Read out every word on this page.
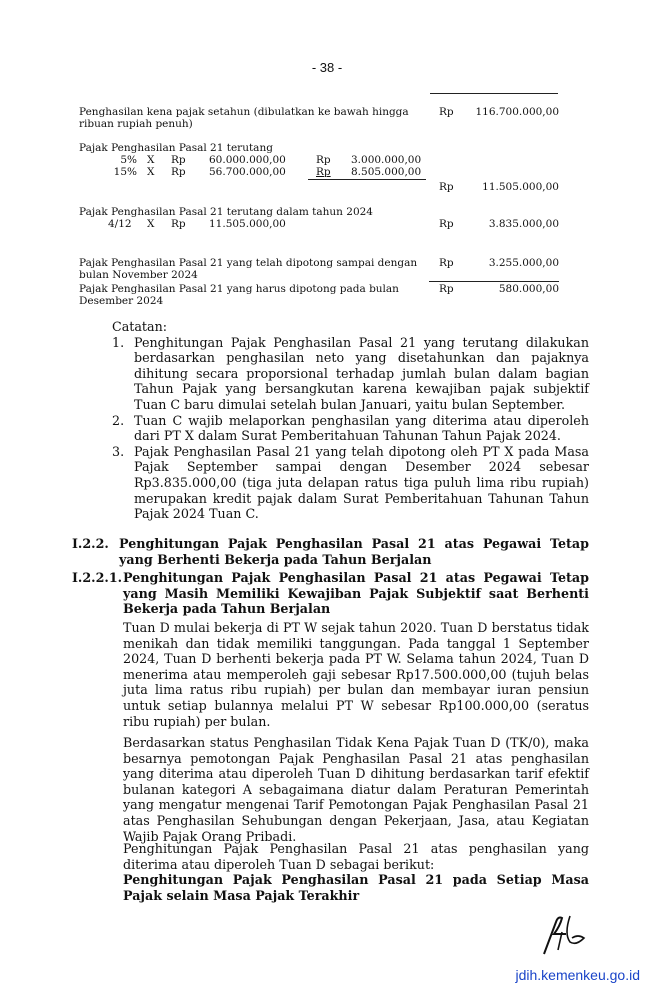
- 38 -
Penghasilan kena pajak setahun (dibulatkan ke bawah hingga
ribuan rupiah penuh)
Rp 116.700.000,00
Pajak Penghasilan Pasal 21 terutang
5% X Rp 60.000.000,00	Rp 3.000.000,00
15% X Rp 56.700.000,00	Rp 8.505.000,00
Rp	11.505.000,00
Pajak Penghasilan Pasal 21 terutang dalam tahun 2024
4/12 X Rp 11.505.000,00	Rp	3.835.000,00
Pajak Penghasilan Pasal 21 yang telah dipotong sampai dengan
bulan November 2024
Rp	3.255.000,00
Pajak Penghasilan Pasal 21 yang harus dipotong pada bulan
Desember 2024
Rp	580.000,00

Catatan:

1. Penghitungan Pajak Penghasilan Pasal 21 yang terutang dilakukan berdasarkan penghasilan neto yang disetahunkan dan pajaknya dihitung secara proporsional terhadap jumlah bulan dalam bagian Tahun Pajak yang bersangkutan karena kewajiban pajak subjektif Tuan C baru dimulai setelah bulan Januari, yaitu bulan September.
2. Tuan C wajib melaporkan penghasilan yang diterima atau diperoleh dari PT X dalam Surat Pemberitahuan Tahunan Tahun Pajak 2024.
3. Pajak Penghasilan Pasal 21 yang telah dipotong oleh PT X pada Masa Pajak September sampai dengan Desember 2024 sebesar Rp3.835.000,00 (tiga juta delapan ratus tiga puluh lima ribu rupiah) merupakan kredit pajak dalam Surat Pemberitahuan Tahunan Tahun Pajak 2024 Tuan C.
I.2.2. Penghitungan Pajak Penghasilan Pasal 21 atas Pegawai Tetap yang Berhenti Bekerja pada Tahun Berjalan
I.2.2.1. Penghitungan Pajak Penghasilan Pasal 21 atas Pegawai Tetap yang Masih Memiliki Kewajiban Pajak Subjektif saat Berhenti Bekerja pada Tahun Berjalan

Tuan D mulai bekerja di PT W sejak tahun 2020. Tuan D berstatus tidak menikah dan tidak memiliki tanggungan. Pada tanggal 1 September 2024, Tuan D berhenti bekerja pada PT W. Selama tahun 2024, Tuan D menerima atau memperoleh gaji sebesar Rp17.500.000,00 (tujuh belas juta lima ratus ribu rupiah) per bulan dan membayar iuran pensiun untuk setiap bulannya melalui PT W sebesar Rp100.000,00 (seratus ribu rupiah) per bulan.

Berdasarkan status Penghasilan Tidak Kena Pajak Tuan D (TK/0), maka besarnya pemotongan Pajak Penghasilan Pasal 21 atas penghasilan yang diterima atau diperoleh Tuan D dihitung berdasarkan tarif efektif bulanan kategori A sebagaimana diatur dalam Peraturan Pemerintah yang mengatur mengenai Tarif Pemotongan Pajak Penghasilan Pasal 21 atas Penghasilan Sehubungan dengan Pekerjaan, Jasa, atau Kegiatan Wajib Pajak Orang Pribadi.

Penghitungan Pajak Penghasilan Pasal 21 atas penghasilan yang diterima atau diperoleh Tuan D sebagai berikut:

Penghitungan Pajak Penghasilan Pasal 21 pada Setiap Masa Pajak selain Masa Pajak Terakhir

jdih.kemenkeu.go.id
